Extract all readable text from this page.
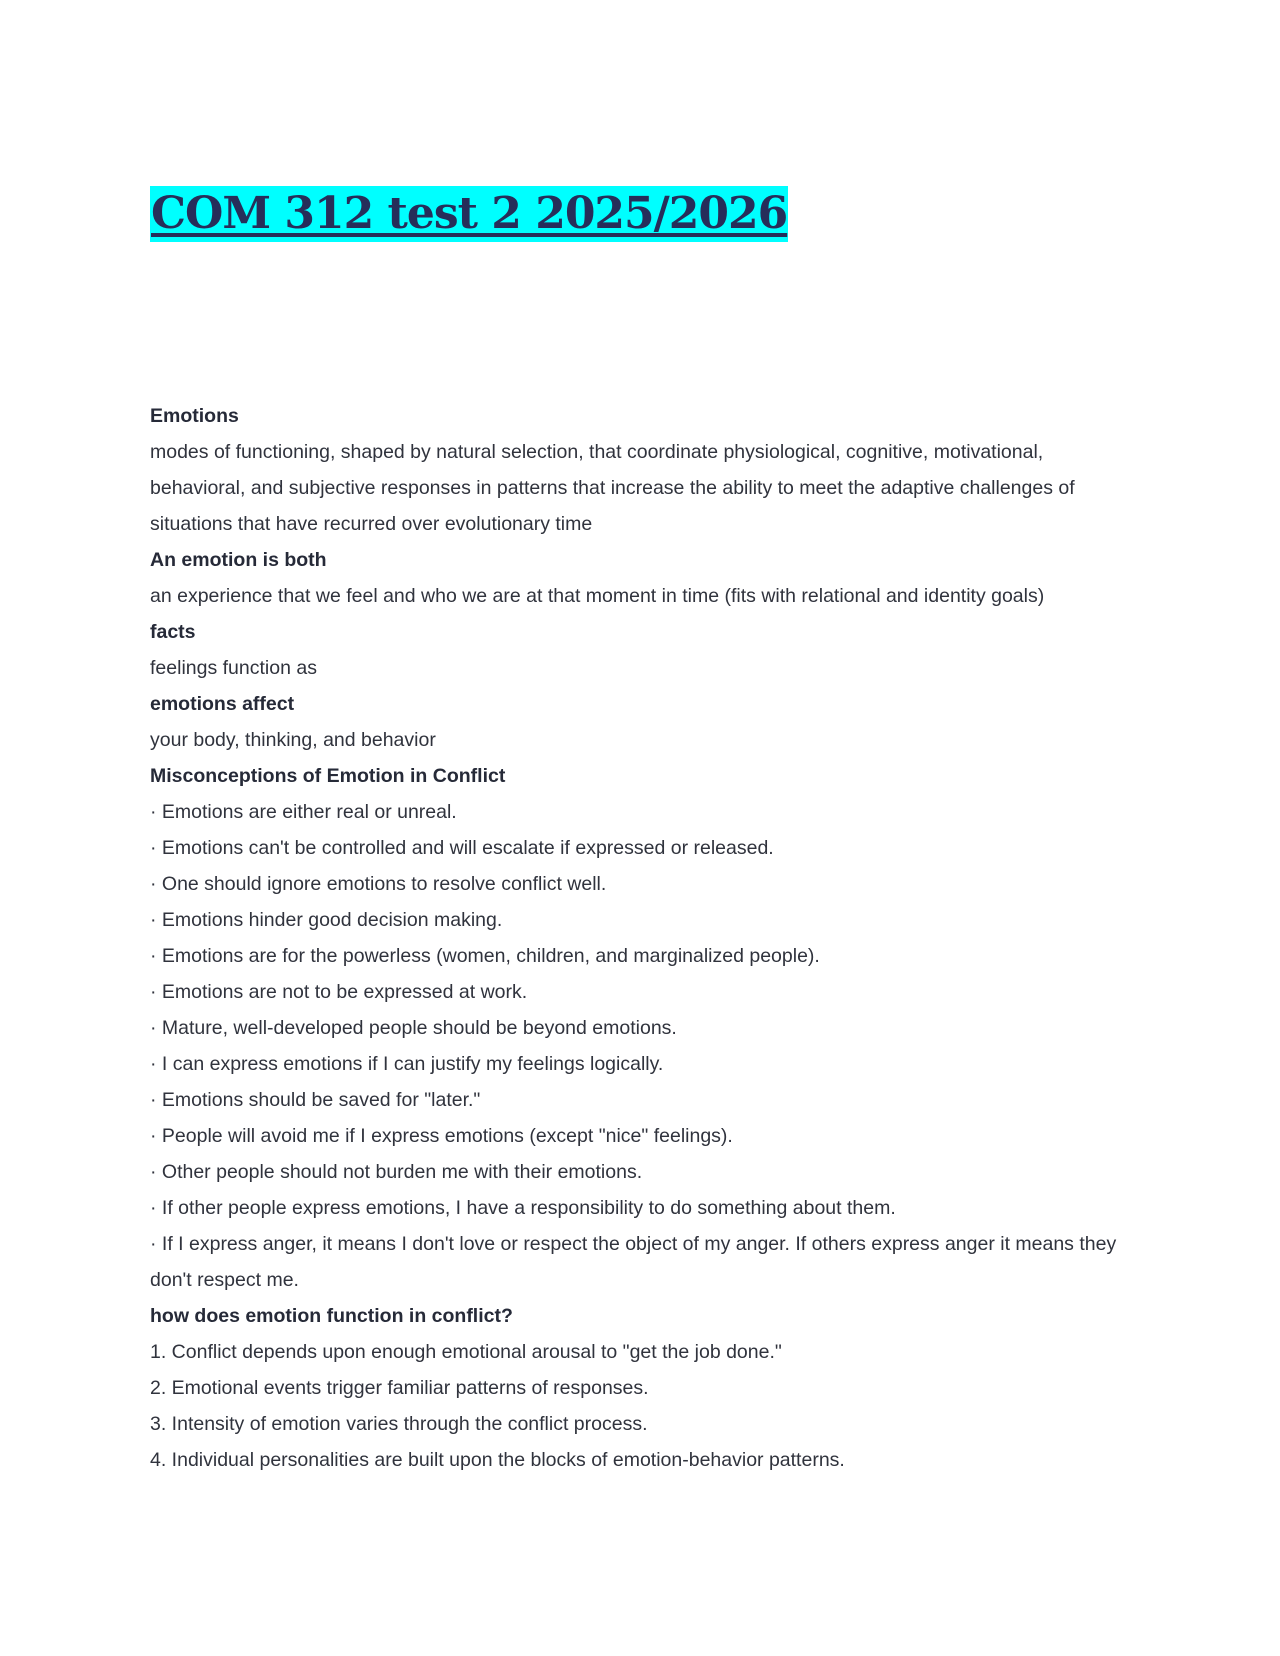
COM 312 test 2 2025/2026
Emotions
modes of functioning, shaped by natural selection, that coordinate physiological, cognitive, motivational, behavioral, and subjective responses in patterns that increase the ability to meet the adaptive challenges of situations that have recurred over evolutionary time
An emotion is both
an experience that we feel and who we are at that moment in time (fits with relational and identity goals)
facts
feelings function as
emotions affect
your body, thinking, and behavior
Misconceptions of Emotion in Conflict
· Emotions are either real or unreal.
· Emotions can't be controlled and will escalate if expressed or released.
· One should ignore emotions to resolve conflict well.
· Emotions hinder good decision making.
· Emotions are for the powerless (women, children, and marginalized people).
· Emotions are not to be expressed at work.
· Mature, well-developed people should be beyond emotions.
· I can express emotions if I can justify my feelings logically.
· Emotions should be saved for "later."
· People will avoid me if I express emotions (except "nice" feelings).
· Other people should not burden me with their emotions.
· If other people express emotions, I have a responsibility to do something about them.
· If I express anger, it means I don't love or respect the object of my anger. If others express anger it means they don't respect me.
how does emotion function in conflict?
1. Conflict depends upon enough emotional arousal to "get the job done."
2. Emotional events trigger familiar patterns of responses.
3. Intensity of emotion varies through the conflict process.
4. Individual personalities are built upon the blocks of emotion-behavior patterns.
